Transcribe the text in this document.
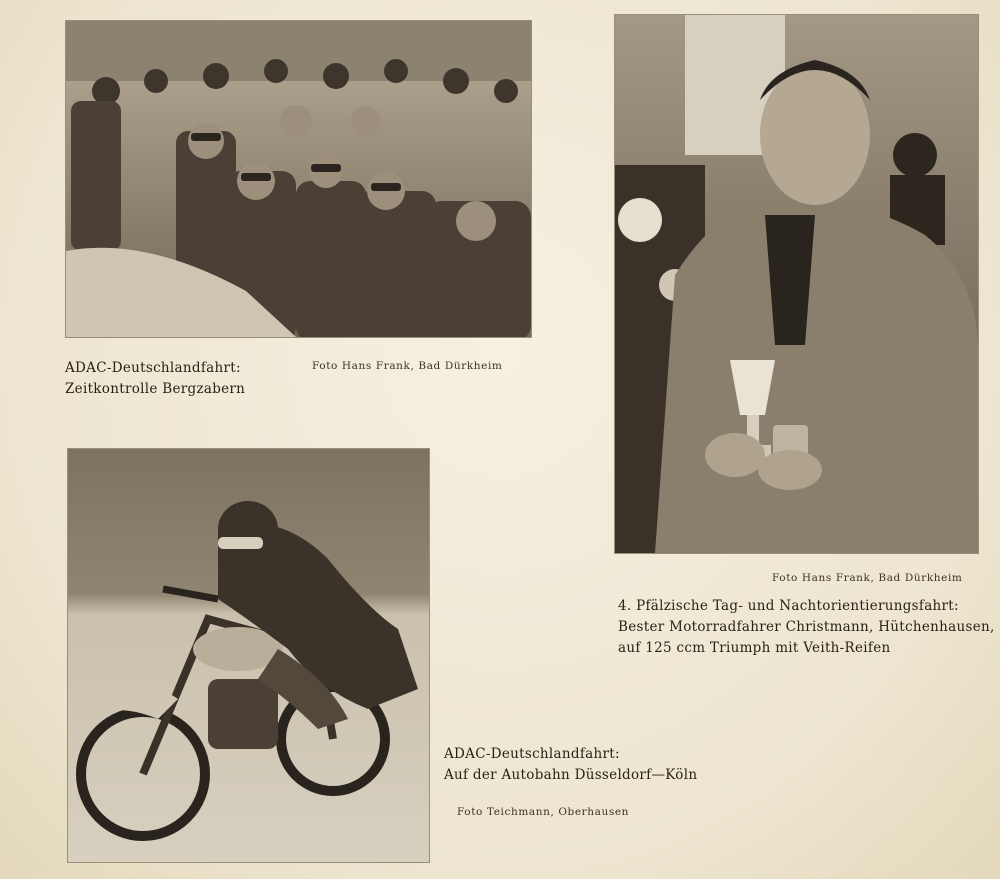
ADAC-Deutschlandfahrt:
Zeitkontrolle Bergzabern
Foto Hans Frank, Bad Dürkheim
Foto Hans Frank, Bad Dürkheim
4. Pfälzische Tag- und Nachtorientierungsfahrt:
Bester Motorradfahrer Christmann, Hütchenhausen,
auf 125 ccm Triumph mit Veith-Reifen
ADAC-Deutschlandfahrt:
Auf der Autobahn Düsseldorf—Köln
Foto Teichmann, Oberhausen
